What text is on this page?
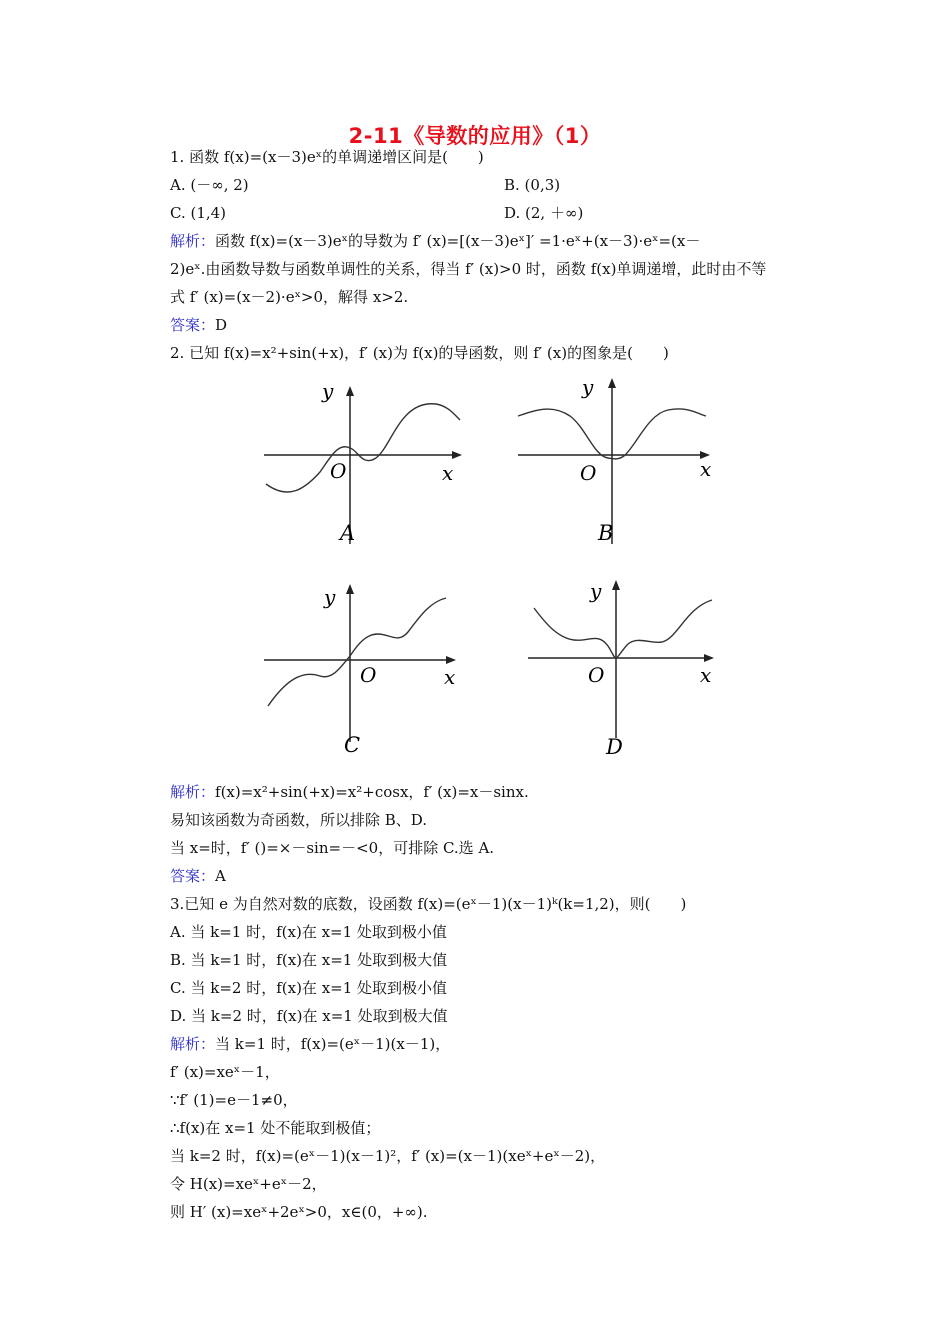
2-11《导数的应用》（1）
1. 函数 f(x)=(x－3)eˣ的单调递增区间是(　　)
A. (－∞, 2)	B. (0,3)
C. (1,4)	D. (2, ＋∞)
解析：函数 f(x)=(x－3)eˣ的导数为 f′ (x)=[(x－3)eˣ]′ =1·eˣ+(x－3)·eˣ=(x－
2)eˣ.由函数导数与函数单调性的关系，得当 f′ (x)>0 时，函数 f(x)单调递增，此时由不等
式 f′ (x)=(x－2)·eˣ>0，解得 x>2.
答案：D
2. 已知 f(x)=x²+sin(+x)，f′ (x)为 f(x)的导函数，则 f′ (x)的图象是(　　)
y
O	x
A
y
O	x
B
y
O	x
C
y
O	x
D
解析：f(x)=x²+sin(+x)=x²+cosx，f′ (x)=x－sinx.
易知该函数为奇函数，所以排除 B、D.
当 x=时，f′ ()=×－sin=－<0，可排除 C.选 A.
答案：A
3.已知 e 为自然对数的底数，设函数 f(x)=(eˣ－1)(x－1)ᵏ(k=1,2)，则(　　)
A. 当 k=1 时，f(x)在 x=1 处取到极小值
B. 当 k=1 时，f(x)在 x=1 处取到极大值
C. 当 k=2 时，f(x)在 x=1 处取到极小值
D. 当 k=2 时，f(x)在 x=1 处取到极大值
解析：当 k=1 时，f(x)=(eˣ－1)(x－1)，
f′ (x)=xeˣ－1，
∵f′ (1)=e－1≠0，
∴f(x)在 x=1 处不能取到极值；
当 k=2 时，f(x)=(eˣ－1)(x－1)²，f′ (x)=(x－1)(xeˣ+eˣ－2)，
令 H(x)=xeˣ+eˣ－2，
则 H′ (x)=xeˣ+2eˣ>0，x∈(0，+∞).
